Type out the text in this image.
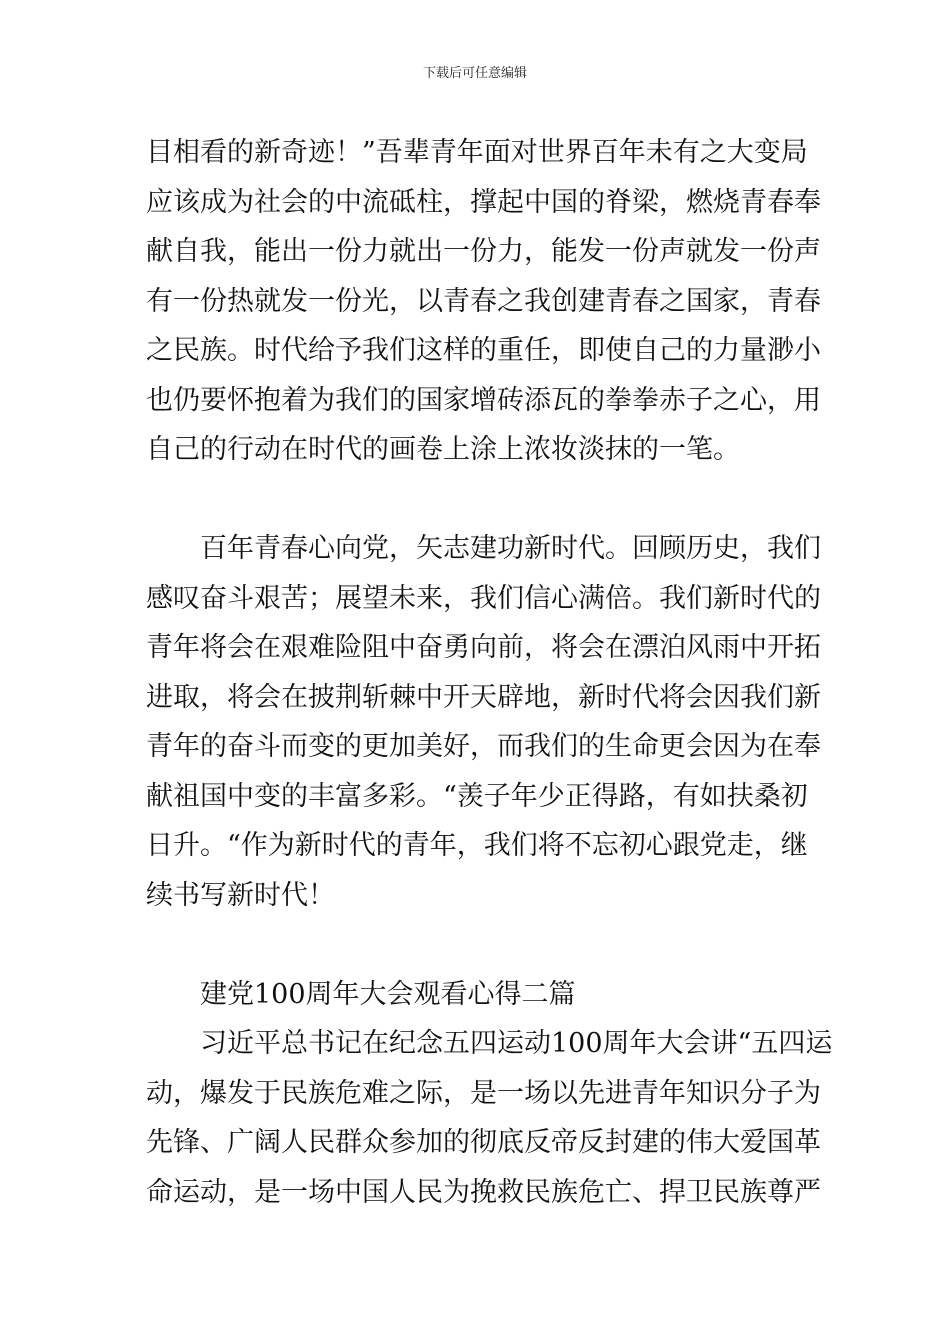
下载后可任意编辑
目相看的新奇迹！”吾辈青年面对世界百年未有之大变局
应该成为社会的中流砥柱，撑起中国的脊梁，燃烧青春奉
献自我，能出一份力就出一份力，能发一份声就发一份声
有一份热就发一份光，以青春之我创建青春之国家，青春
之民族。时代给予我们这样的重任，即使自己的力量渺小
也仍要怀抱着为我们的国家增砖添瓦的拳拳赤子之心，用
自己的行动在时代的画卷上涂上浓妆淡抹的一笔。
百年青春心向党，矢志建功新时代。回顾历史，我们
感叹奋斗艰苦；展望未来，我们信心满倍。我们新时代的
青年将会在艰难险阻中奋勇向前，将会在漂泊风雨中开拓
进取，将会在披荆斩棘中开天辟地，新时代将会因我们新
青年的奋斗而变的更加美好，而我们的生命更会因为在奉
献祖国中变的丰富多彩。“羡子年少正得路，有如扶桑初
日升。“作为新时代的青年，我们将不忘初心跟党走，继
续书写新时代！
建党100周年大会观看心得二篇
习近平总书记在纪念五四运动100周年大会讲“五四运
动，爆发于民族危难之际，是一场以先进青年知识分子为
先锋、广阔人民群众参加的彻底反帝反封建的伟大爱国革
命运动，是一场中国人民为挽救民族危亡、捍卫民族尊严
